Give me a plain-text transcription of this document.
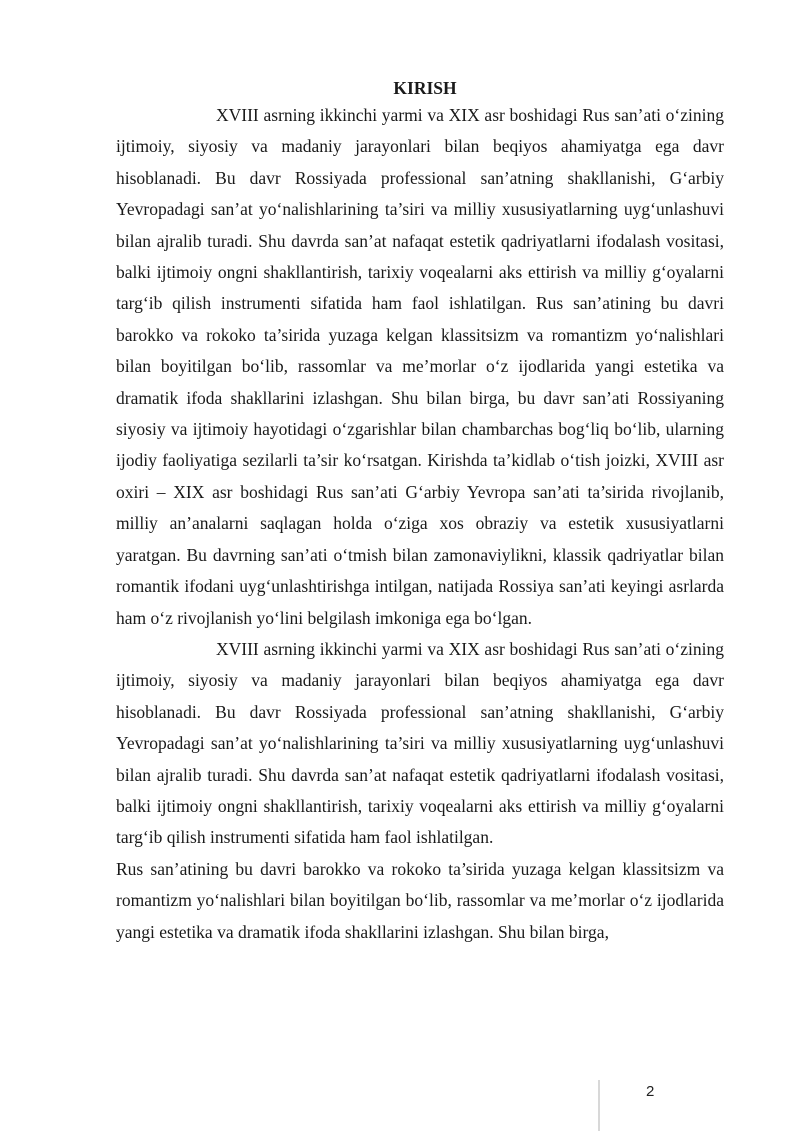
KIRISH

XVIII asrning ikkinchi yarmi va XIX asr boshidagi Rus san’ati o‘zining ijtimoiy, siyosiy va madaniy jarayonlari bilan beqiyos ahamiyatga ega davr hisoblanadi. Bu davr Rossiyada professional san’atning shakllanishi, G‘arbiy Yevropadagi san’at yo‘nalishlarining ta’siri va milliy xususiyatlarning uyg‘unlashuvi bilan ajralib turadi. Shu davrda san’at nafaqat estetik qadriyatlarni ifodalash vositasi, balki ijtimoiy ongni shakllantirish, tarixiy voqealarni aks ettirish va milliy g‘oyalarni targ‘ib qilish instrumenti sifatida ham faol ishlatilgan. Rus san’atining bu davri barokko va rokoko ta’sirida yuzaga kelgan klassitsizm va romantizm yo‘nalishlari bilan boyitilgan bo‘lib, rassomlar va me’morlar o‘z ijodlarida yangi estetika va dramatik ifoda shakllarini izlashgan. Shu bilan birga, bu davr san’ati Rossiyaning siyosiy va ijtimoiy hayotidagi o‘zgarishlar bilan chambarchas bog‘liq bo‘lib, ularning ijodiy faoliyatiga sezilarli ta’sir ko‘rsatgan. Kirishda ta’kidlab o‘tish joizki, XVIII asr oxiri – XIX asr boshidagi Rus san’ati G‘arbiy Yevropa san’ati ta’sirida rivojlanib, milliy an’analarni saqlagan holda o‘ziga xos obraziy va estetik xususiyatlarni yaratgan. Bu davrning san’ati o‘tmish bilan zamonaviylikni, klassik qadriyatlar bilan romantik ifodani uyg‘unlashtirishga intilgan, natijada Rossiya san’ati keyingi asrlarda ham o‘z rivojlanish yo‘lini belgilash imkoniga ega bo‘lgan.

XVIII asrning ikkinchi yarmi va XIX asr boshidagi Rus san’ati o‘zining ijtimoiy, siyosiy va madaniy jarayonlari bilan beqiyos ahamiyatga ega davr hisoblanadi. Bu davr Rossiyada professional san’atning shakllanishi, G‘arbiy Yevropadagi san’at yo‘nalishlarining ta’siri va milliy xususiyatlarning uyg‘unlashuvi bilan ajralib turadi. Shu davrda san’at nafaqat estetik qadriyatlarni ifodalash vositasi, balki ijtimoiy ongni shakllantirish, tarixiy voqealarni aks ettirish va milliy g‘oyalarni targ‘ib qilish instrumenti sifatida ham faol ishlatilgan.

Rus san’atining bu davri barokko va rokoko ta’sirida yuzaga kelgan klassitsizm va romantizm yo‘nalishlari bilan boyitilgan bo‘lib, rassomlar va me’morlar o‘z ijodlarida yangi estetika va dramatik ifoda shakllarini izlashgan. Shu bilan birga,

2
